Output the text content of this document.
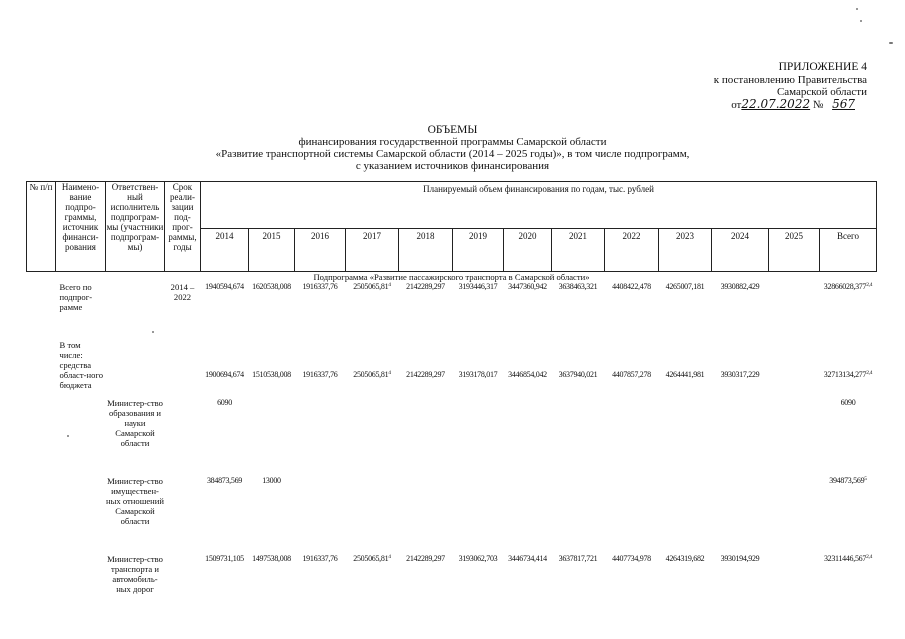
ПРИЛОЖЕНИЕ 4
к постановлению Правительства
Самарской области
от22.07.2022 № 567
ОБЪЕМЫ
финансирования государственной программы Самарской области
«Развитие транспортной системы Самарской области (2014 – 2025 годы)», в том числе подпрограмм,
с указанием источников финансирования
№ п/п	Наимено-вание подпро-граммы, источник финанси-рования	Ответствен-ный исполнитель подпрограм-мы (участники подпрограм-мы)	Срок реали-зации под-прог-раммы, годы	Планируемый объем финансирования по годам, тыс. рублей												
				2014	2015	2016	2017	2018	2019	2020	2021	2022	2023	2024	2025	Всего
Подпрограмма «Развитие пассажирского транспорта в Самарской области»																
	Всего по подпрог-рамме		2014 – 2022	1940594,674	1620538,008	1916337,76	2505065,81$^4$	2142289,297	3193446,317	3447360,942	3638463,321	4408422,478	4265007,181	3930882,429		32866028,377$^{2,4}$
	В том числе: средства област-ного бюджета			1900694,674	1510538,008	1916337,76	2505065,81$^4$	2142289,297	3193178,017	3446854,042	3637940,021	4407857,278	4264441,981	3930317,229		32713134,277$^{2,4}$
		Министер-ство образования и науки Самарской области		6090												6090
		Министер-ство имуществен-ных отношений Самарской области		384873,569	13000											394873,569$^5$
		Министер-ство транспорта и автомобиль-ных дорог		1509731,105	1497538,008	1916337,76	2505065,81$^4$	2142289,297	3193062,703	3446734,414	3637817,721	4407734,978	4264319,682	3930194,929		32311446,567$^{2,4}$
